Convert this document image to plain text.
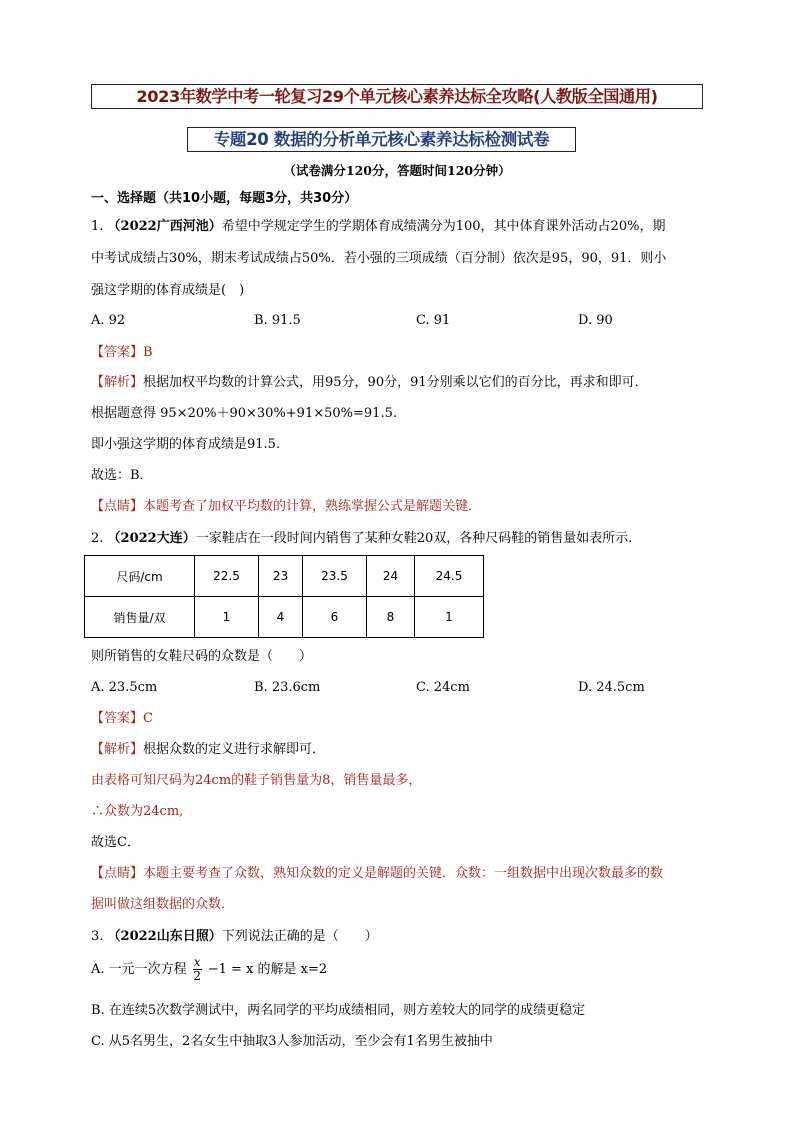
2023年数学中考一轮复习29个单元核心素养达标全攻略(人教版全国通用)
专题20 数据的分析单元核心素养达标检测试卷
（试卷满分120分，答题时间120分钟）
一、选择题（共10小题，每题3分，共30分）
1. （2022广西河池）希望中学规定学生的学期体育成绩满分为100，其中体育课外活动占20%，期
中考试成绩占30%，期末考试成绩占50%．若小强的三项成绩（百分制）依次是95，90，91．则小
强这学期的体育成绩是(　)
A. 92	B. 91.5	C. 91	D. 90
【答案】B
【解析】根据加权平均数的计算公式，用95分，90分，91分别乘以它们的百分比，再求和即可．
根据题意得 95×20%＋90×30%+91×50%=91.5.
即小强这学期的体育成绩是91.5.
故选：B．
【点睛】本题考查了加权平均数的计算，熟练掌握公式是解题关键．
2. （2022大连）一家鞋店在一段时间内销售了某种女鞋20双，各种尺码鞋的销售量如表所示．
尺码/cm	22.5	23	23.5	24	24.5
销售量/双	1	4	6	8	1
则所销售的女鞋尺码的众数是（　　）
A. 23.5cm	B. 23.6cm	C. 24cm	D. 24.5cm
【答案】C
【解析】根据众数的定义进行求解即可．
由表格可知尺码为24cm的鞋子销售量为8，销售量最多，
∴众数为24cm,
故选C．
【点睛】本题主要考查了众数，熟知众数的定义是解题的关键．众数：一组数据中出现次数最多的数
据叫做这组数据的众数．
3. （2022山东日照）下列说法正确的是（　　）
A. 一元一次方程 $\frac{x}{2} -1 = x$ 的解是 x=2
B. 在连续5次数学测试中，两名同学的平均成绩相同，则方差较大的同学的成绩更稳定
C. 从5名男生，2名女生中抽取3人参加活动，至少会有1名男生被抽中
